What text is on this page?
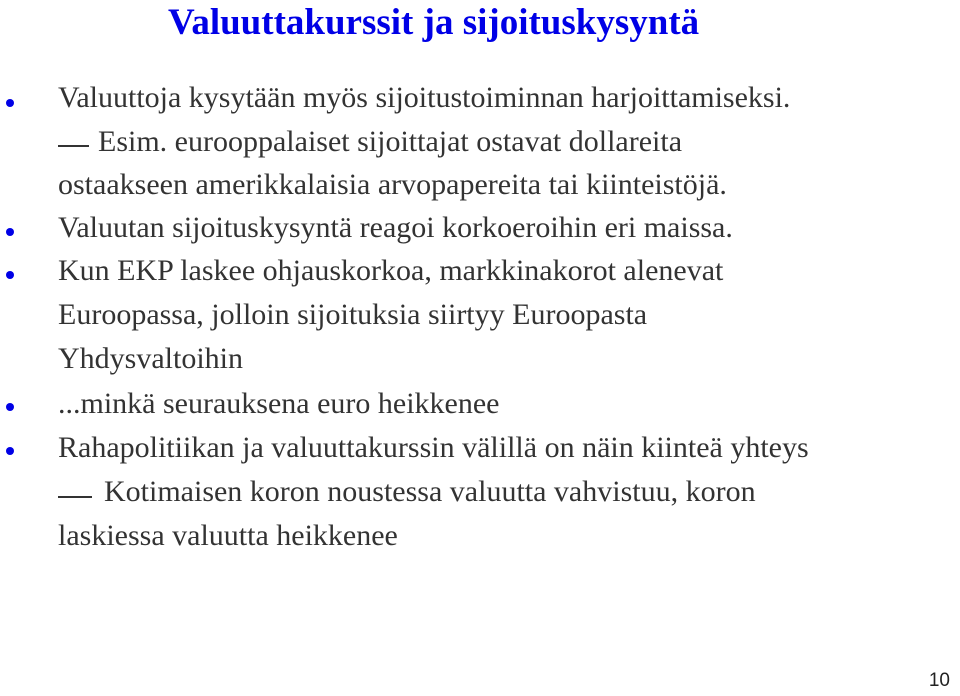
Valuuttakurssit ja sijoituskysyntä
Valuuttoja kysytään myös sijoitustoiminnan harjoittamiseksi.
Esim. eurooppalaiset sijoittajat ostavat dollareita
ostaakseen amerikkalaisia arvopapereita tai kiinteistöjä.
Valuutan sijoituskysyntä reagoi korkoeroihin eri maissa.
Kun EKP laskee ohjauskorkoa, markkinakorot alenevat
Euroopassa, jolloin sijoituksia siirtyy Euroopasta
Yhdysvaltoihin
...minkä seurauksena euro heikkenee
Rahapolitiikan ja valuuttakurssin välillä on näin kiinteä yhteys
Kotimaisen koron noustessa valuutta vahvistuu, koron
laskiessa valuutta heikkenee
10
